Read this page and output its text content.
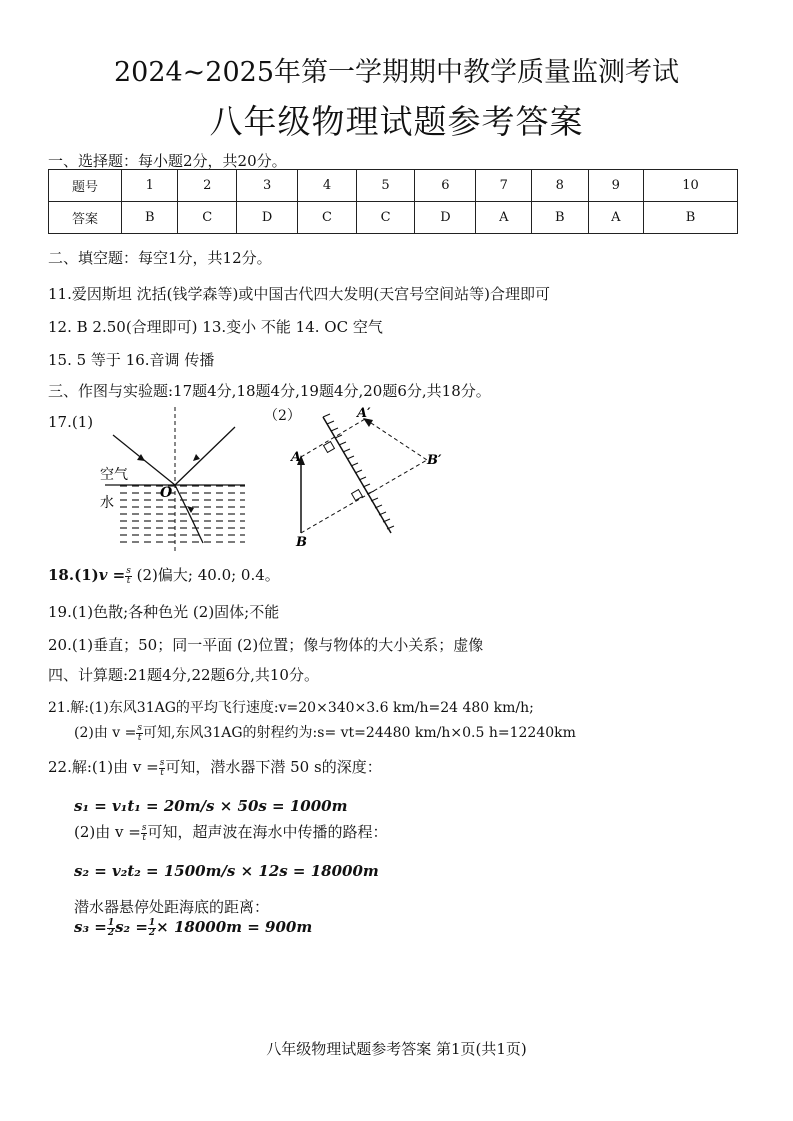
2024~2025年第一学期期中教学质量监测考试
八年级物理试题参考答案
一、选择题：每小题2分，共20分。
题号	1	2	3	4	5	6	7	8	9	10
答案	B	C	D	C	C	D	A	B	A	B
二、填空题：每空1分，共12分。
11.爱因斯坦 沈括(钱学森等)或中国古代四大发明(天宫号空间站等)合理即可
12. B 2.50(合理即可) 13.变小 不能 14. OC 空气
15. 5 等于 16.音调 传播
三、作图与实验题:17题4分,18题4分,19题4分,20题6分,共18分。
17.(1)
空气
水
O
（2）
A
B
A′
B′
$18.(1)v = \frac{s}{t} (2)$偏大; 40.0; 0.4。
19.(1)色散;各种色光 (2)固体;不能
20.(1)垂直；50；同一平面 (2)位置；像与物体的大小关系；虚像
四、计算题:21题4分,22题6分,共10分。
21.解:(1)东风31AG的平均飞行速度:v=20×340×3.6 km/h=24 480 km/h;
(2)由 $v = \frac{s}{t}$ 可知,东风31AG的射程约为:s= vt=24480 km/h×0.5 h=12240km
22.解:(1)由 $v = \frac{s}{t}$ 可知，潜水器下潜 50 s的深度：
s₁ = v₁t₁ = 20m/s × 50s = 1000m
(2)由 $v = \frac{s}{t}$ 可知，超声波在海水中传播的路程：
s₂ = v₂t₂ = 1500m/s × 12s = 18000m
潜水器悬停处距海底的距离：
$s_3 = \frac{1}{2} s_2 = \frac{1}{2} \times 18000m = 900m$
八年级物理试题参考答案 第1页(共1页)
